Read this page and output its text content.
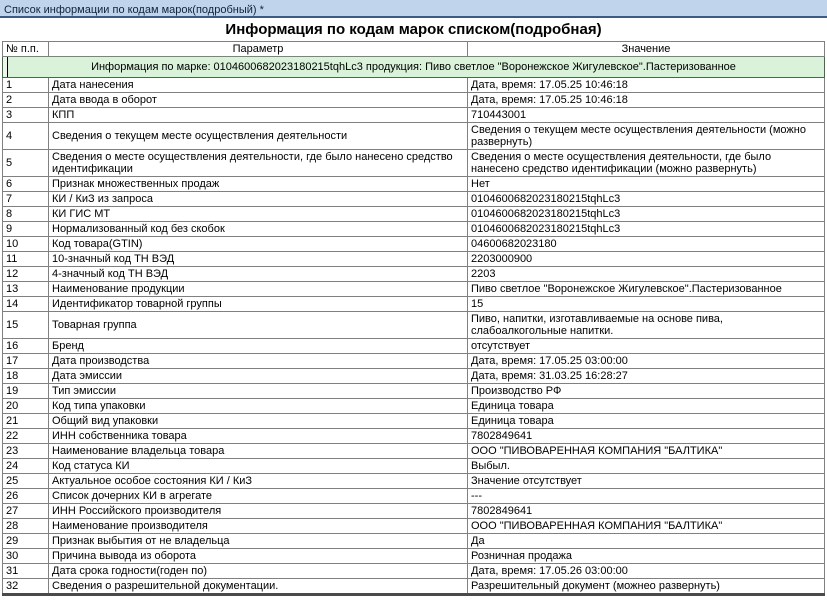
Список информации по кодам марок(подробный) *
Информация по кодам марок списком(подробная)
№ п.п.	Параметр	Значение

Информация по марке: 0104600682023180215tqhLc3 продукция: Пиво светлое "Воронежское Жигулевское".Пастеризованное		
1	Дата нанесения	Дата, время: 17.05.25 10:46:18
2	Дата ввода в оборот	Дата, время: 17.05.25 10:46:18
3	КПП	710443001
4	Сведения о текущем месте осуществления деятельности	Сведения о текущем месте осуществления деятельности (можно развернуть)
5	Сведения о месте осуществления деятельности, где было нанесено средство идентификации	Сведения о месте осуществления деятельности, где было нанесено средство идентификации (можно развернуть)
6	Признак множественных продаж	Нет
7	КИ / КиЗ из запроса	0104600682023180215tqhLc3
8	КИ ГИС МТ	0104600682023180215tqhLc3
9	Нормализованный код без скобок	0104600682023180215tqhLc3
10	Код товара(GTIN)	04600682023180
11	10-значный код ТН ВЭД	2203000900
12	4-значный код ТН ВЭД	2203
13	Наименование продукции	Пиво светлое "Воронежское Жигулевское".Пастеризованное
14	Идентификатор товарной группы	15
15	Товарная группа	Пиво, напитки, изготавливаемые на основе пива, слабоалкогольные напитки.
16	Бренд	отсутствует
17	Дата производства	Дата, время: 17.05.25 03:00:00
18	Дата эмиссии	Дата, время: 31.03.25 16:28:27
19	Тип эмиссии	Производство РФ
20	Код типа упаковки	Единица товара
21	Общий вид упаковки	Единица товара
22	ИНН собственника товара	7802849641
23	Наименование владельца товара	ООО "ПИВОВАРЕННАЯ КОМПАНИЯ "БАЛТИКА"
24	Код статуса КИ	Выбыл.
25	Актуальное особое состояния КИ / КиЗ	Значение отсутствует
26	Список дочерних КИ в агрегате	---
27	ИНН Российского производителя	7802849641
28	Наименование производителя	ООО "ПИВОВАРЕННАЯ КОМПАНИЯ "БАЛТИКА"
29	Признак выбытия от не владельца	Да
30	Причина вывода из оборота	Розничная продажа
31	Дата срока годности(годен по)	Дата, время: 17.05.26 03:00:00
32	Сведения о разрешительной документации.	Разрешительный документ (можнео развернуть)
